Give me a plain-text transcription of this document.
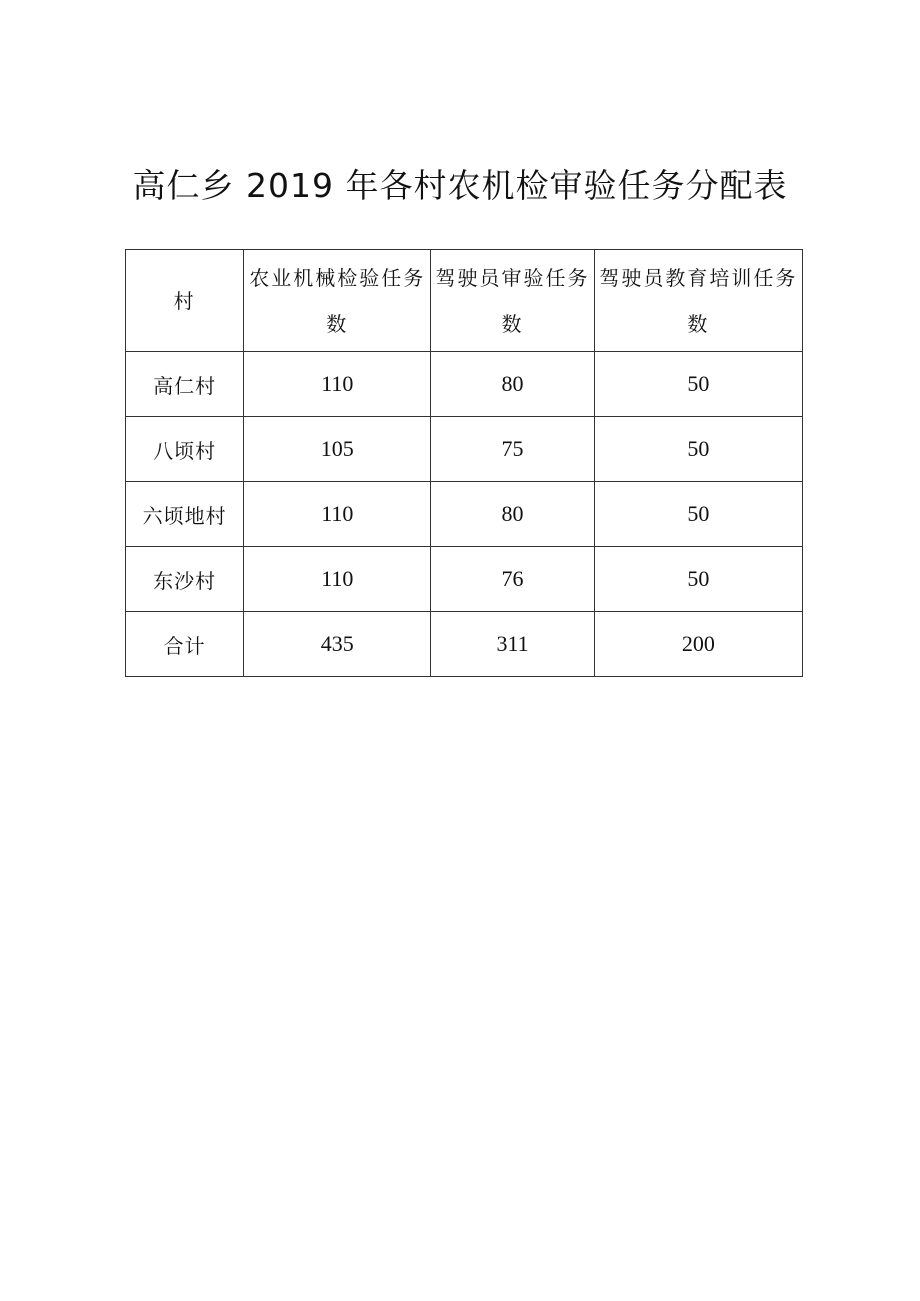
高仁乡 2019 年各村农机检审验任务分配表
村	农业机械检验任务数	驾驶员审验任务数	驾驶员教育培训任务数

高仁村	110	80	50
八顷村	105	75	50
六顷地村	110	80	50
东沙村	110	76	50
合计	435	311	200
